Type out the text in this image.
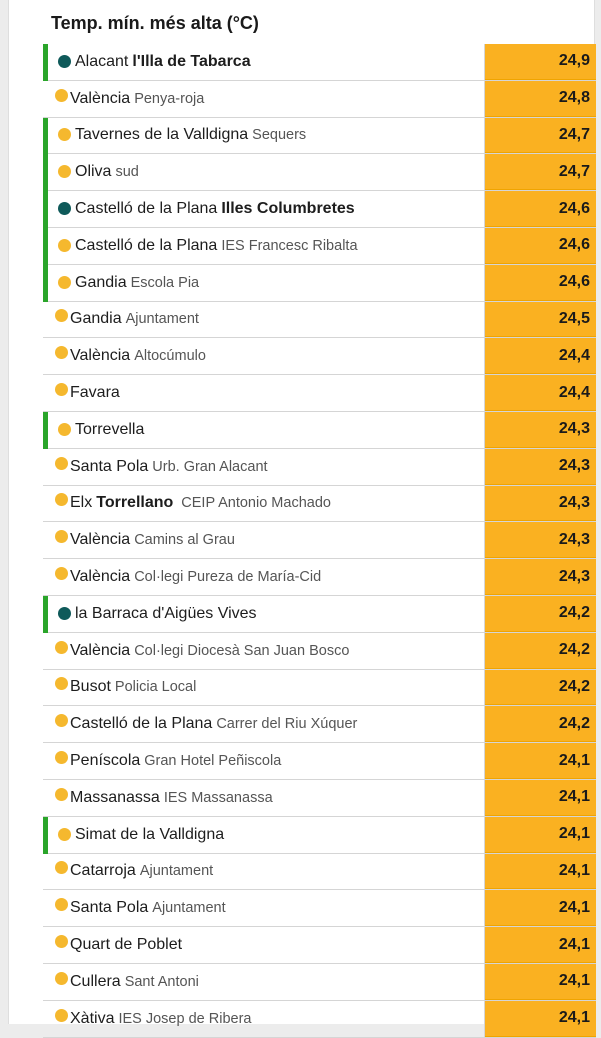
Temp. mín. més alta (°C)
Alacant l'Illa de Tabarca	24,9
València Penya-roja	24,8
Tavernes de la Valldigna Sequers	24,7
Oliva sud	24,7
Castelló de la Plana Illes Columbretes	24,6
Castelló de la Plana IES Francesc Ribalta	24,6
Gandia Escola Pia	24,6
Gandia Ajuntament	24,5
València Altocúmulo	24,4
Favara	24,4
Torrevella	24,3
Santa Pola Urb. Gran Alacant	24,3
Elx Torrellano CEIP Antonio Machado	24,3
València Camins al Grau	24,3
València Col·legi Pureza de María-Cid	24,3
la Barraca d'Aigües Vives	24,2
València Col·legi Diocesà San Juan Bosco	24,2
Busot Policia Local	24,2
Castelló de la Plana Carrer del Riu Xúquer	24,2
Peníscola Gran Hotel Peñiscola	24,1
Massanassa IES Massanassa	24,1
Simat de la Valldigna	24,1
Catarroja Ajuntament	24,1
Santa Pola Ajuntament	24,1
Quart de Poblet	24,1
Cullera Sant Antoni	24,1
Xàtiva IES Josep de Ribera	24,1
